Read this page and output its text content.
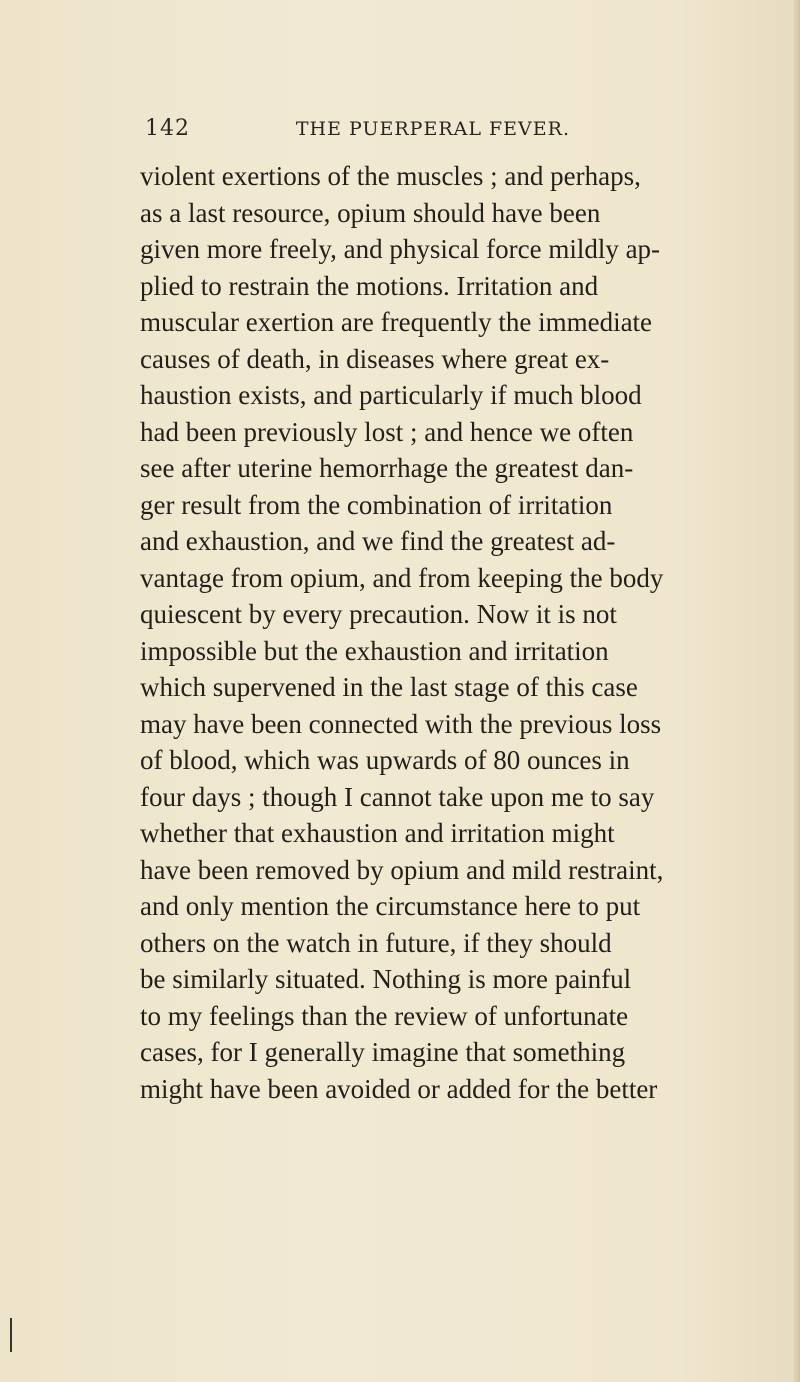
142	THE PUERPERAL FEVER.
violent exertions of the muscles ; and perhaps,
as a last resource, opium should have been
given more freely, and physical force mildly ap-
plied to restrain the motions. Irritation and
muscular exertion are frequently the immediate
causes of death, in diseases where great ex-
haustion exists, and particularly if much blood
had been previously lost ; and hence we often
see after uterine hemorrhage the greatest dan-
ger result from the combination of irritation
and exhaustion, and we find the greatest ad-
vantage from opium, and from keeping the body
quiescent by every precaution. Now it is not
impossible but the exhaustion and irritation
which supervened in the last stage of this case
may have been connected with the previous loss
of blood, which was upwards of 80 ounces in
four days ; though I cannot take upon me to say
whether that exhaustion and irritation might
have been removed by opium and mild restraint,
and only mention the circumstance here to put
others on the watch in future, if they should
be similarly situated. Nothing is more painful
to my feelings than the review of unfortunate
cases, for I generally imagine that something
might have been avoided or added for the better
